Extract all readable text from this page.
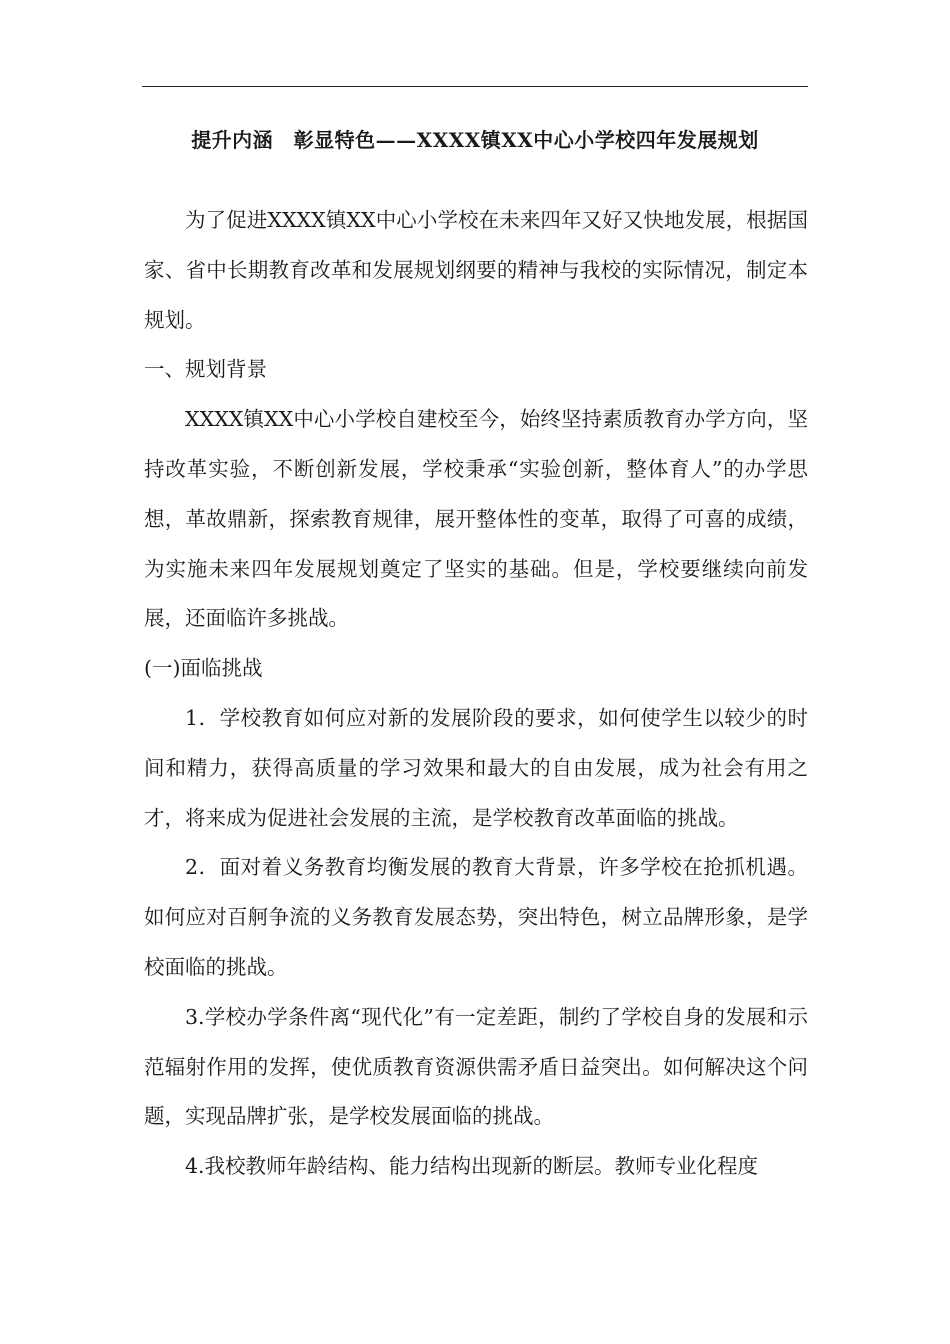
提升内涵　彰显特色——XXXX镇XX中心小学校四年发展规划

为了促进XXXX镇XX中心小学校在未来四年又好又快地发展，根据国家、省中长期教育改革和发展规划纲要的精神与我校的实际情况，制定本规划。

一、规划背景

XXXX镇XX中心小学校自建校至今，始终坚持素质教育办学方向，坚持改革实验，不断创新发展，学校秉承“实验创新，整体育人”的办学思想，革故鼎新，探索教育规律，展开整体性的变革，取得了可喜的成绩，为实施未来四年发展规划奠定了坚实的基础。但是，学校要继续向前发展，还面临许多挑战。

(一)面临挑战

1．学校教育如何应对新的发展阶段的要求，如何使学生以较少的时间和精力，获得高质量的学习效果和最大的自由发展，成为社会有用之才，将来成为促进社会发展的主流，是学校教育改革面临的挑战。

2．面对着义务教育均衡发展的教育大背景，许多学校在抢抓机遇。如何应对百舸争流的义务教育发展态势，突出特色，树立品牌形象，是学校面临的挑战。

3.学校办学条件离“现代化”有一定差距，制约了学校自身的发展和示范辐射作用的发挥，使优质教育资源供需矛盾日益突出。如何解决这个问题，实现品牌扩张，是学校发展面临的挑战。

4.我校教师年龄结构、能力结构出现新的断层。教师专业化程度
